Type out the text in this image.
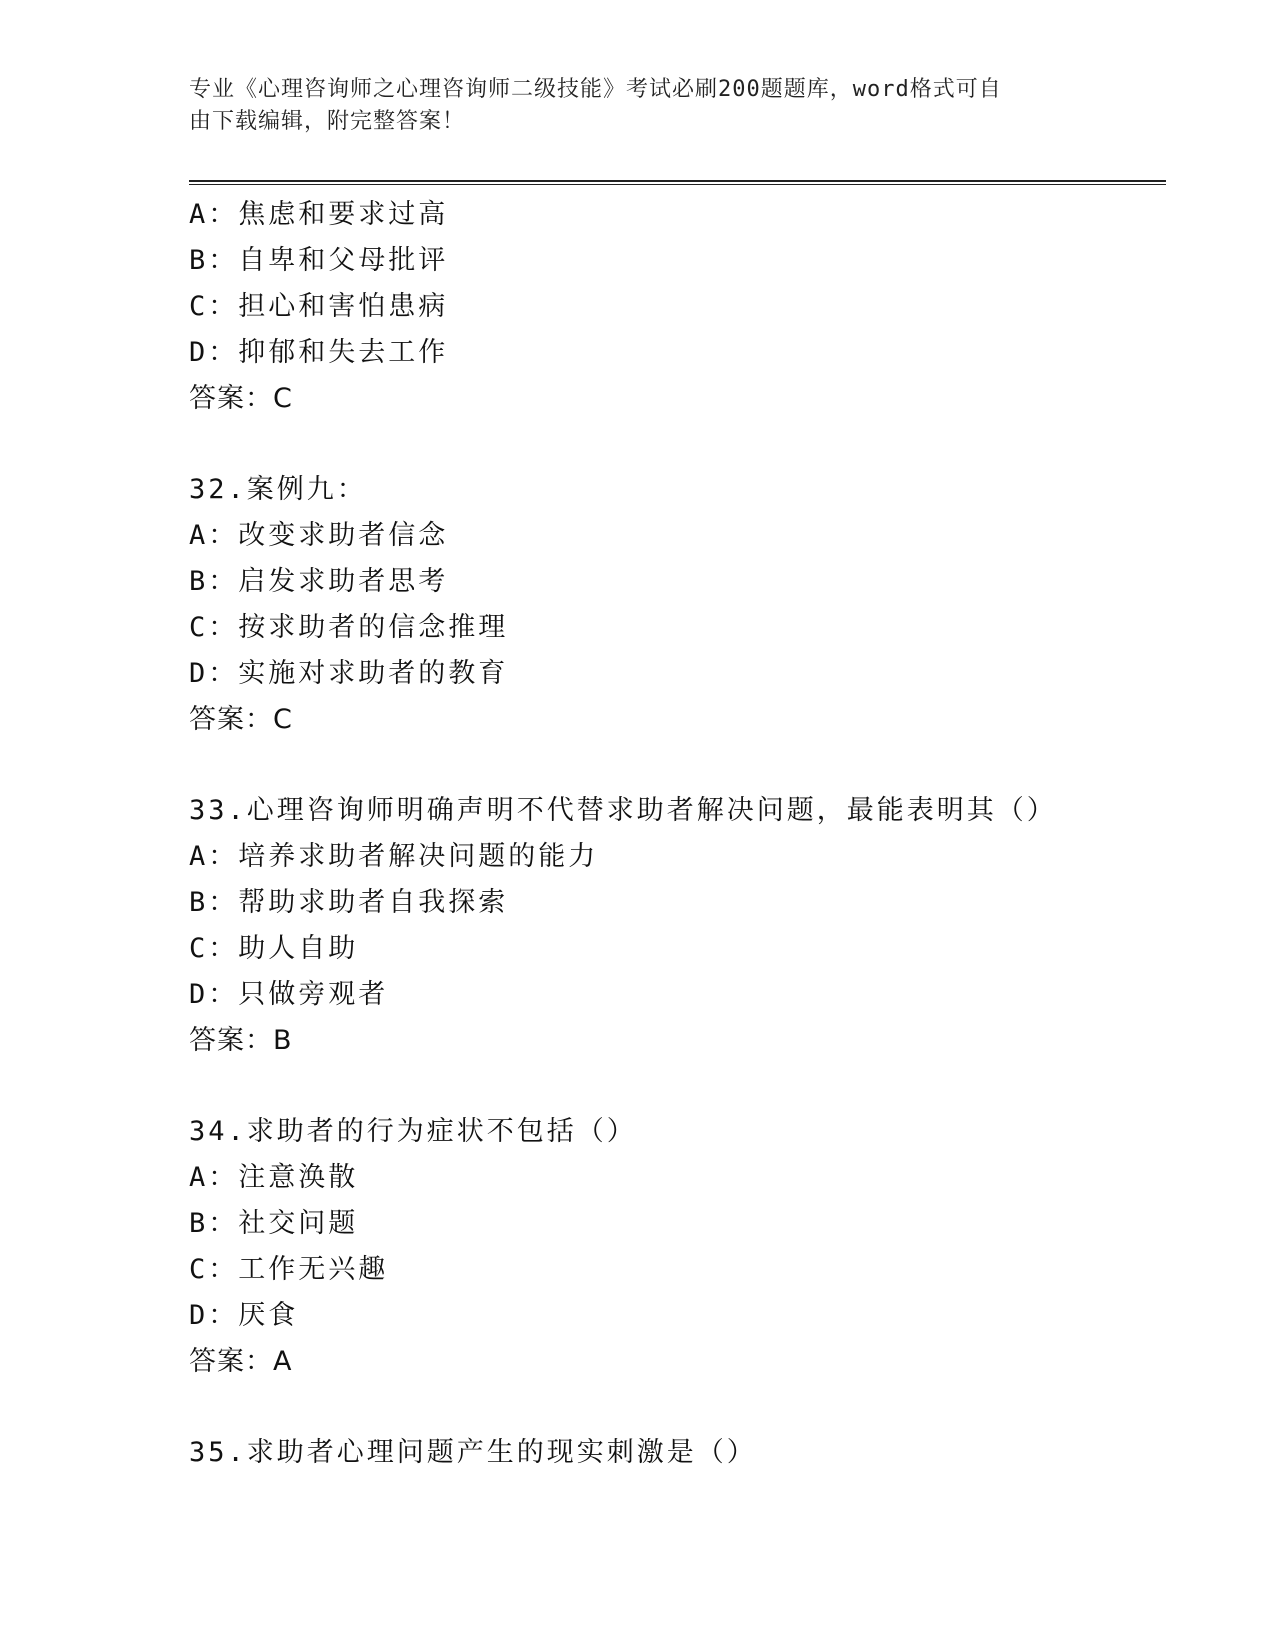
专业《心理咨询师之心理咨询师二级技能》考试必刷200题题库，word格式可自

由下载编辑，附完整答案！

A：焦虑和要求过高

B：自卑和父母批评

C：担心和害怕患病

D：抑郁和失去工作

答案：C

32.案例九：

A：改变求助者信念

B：启发求助者思考

C：按求助者的信念推理

D：实施对求助者的教育

答案：C

33.心理咨询师明确声明不代替求助者解决问题，最能表明其（）

A：培养求助者解决问题的能力

B：帮助求助者自我探索

C：助人自助

D：只做旁观者

答案：B

34.求助者的行为症状不包括（）

A：注意涣散

B：社交问题

C：工作无兴趣

D：厌食

答案：A

35.求助者心理问题产生的现实刺激是（）
